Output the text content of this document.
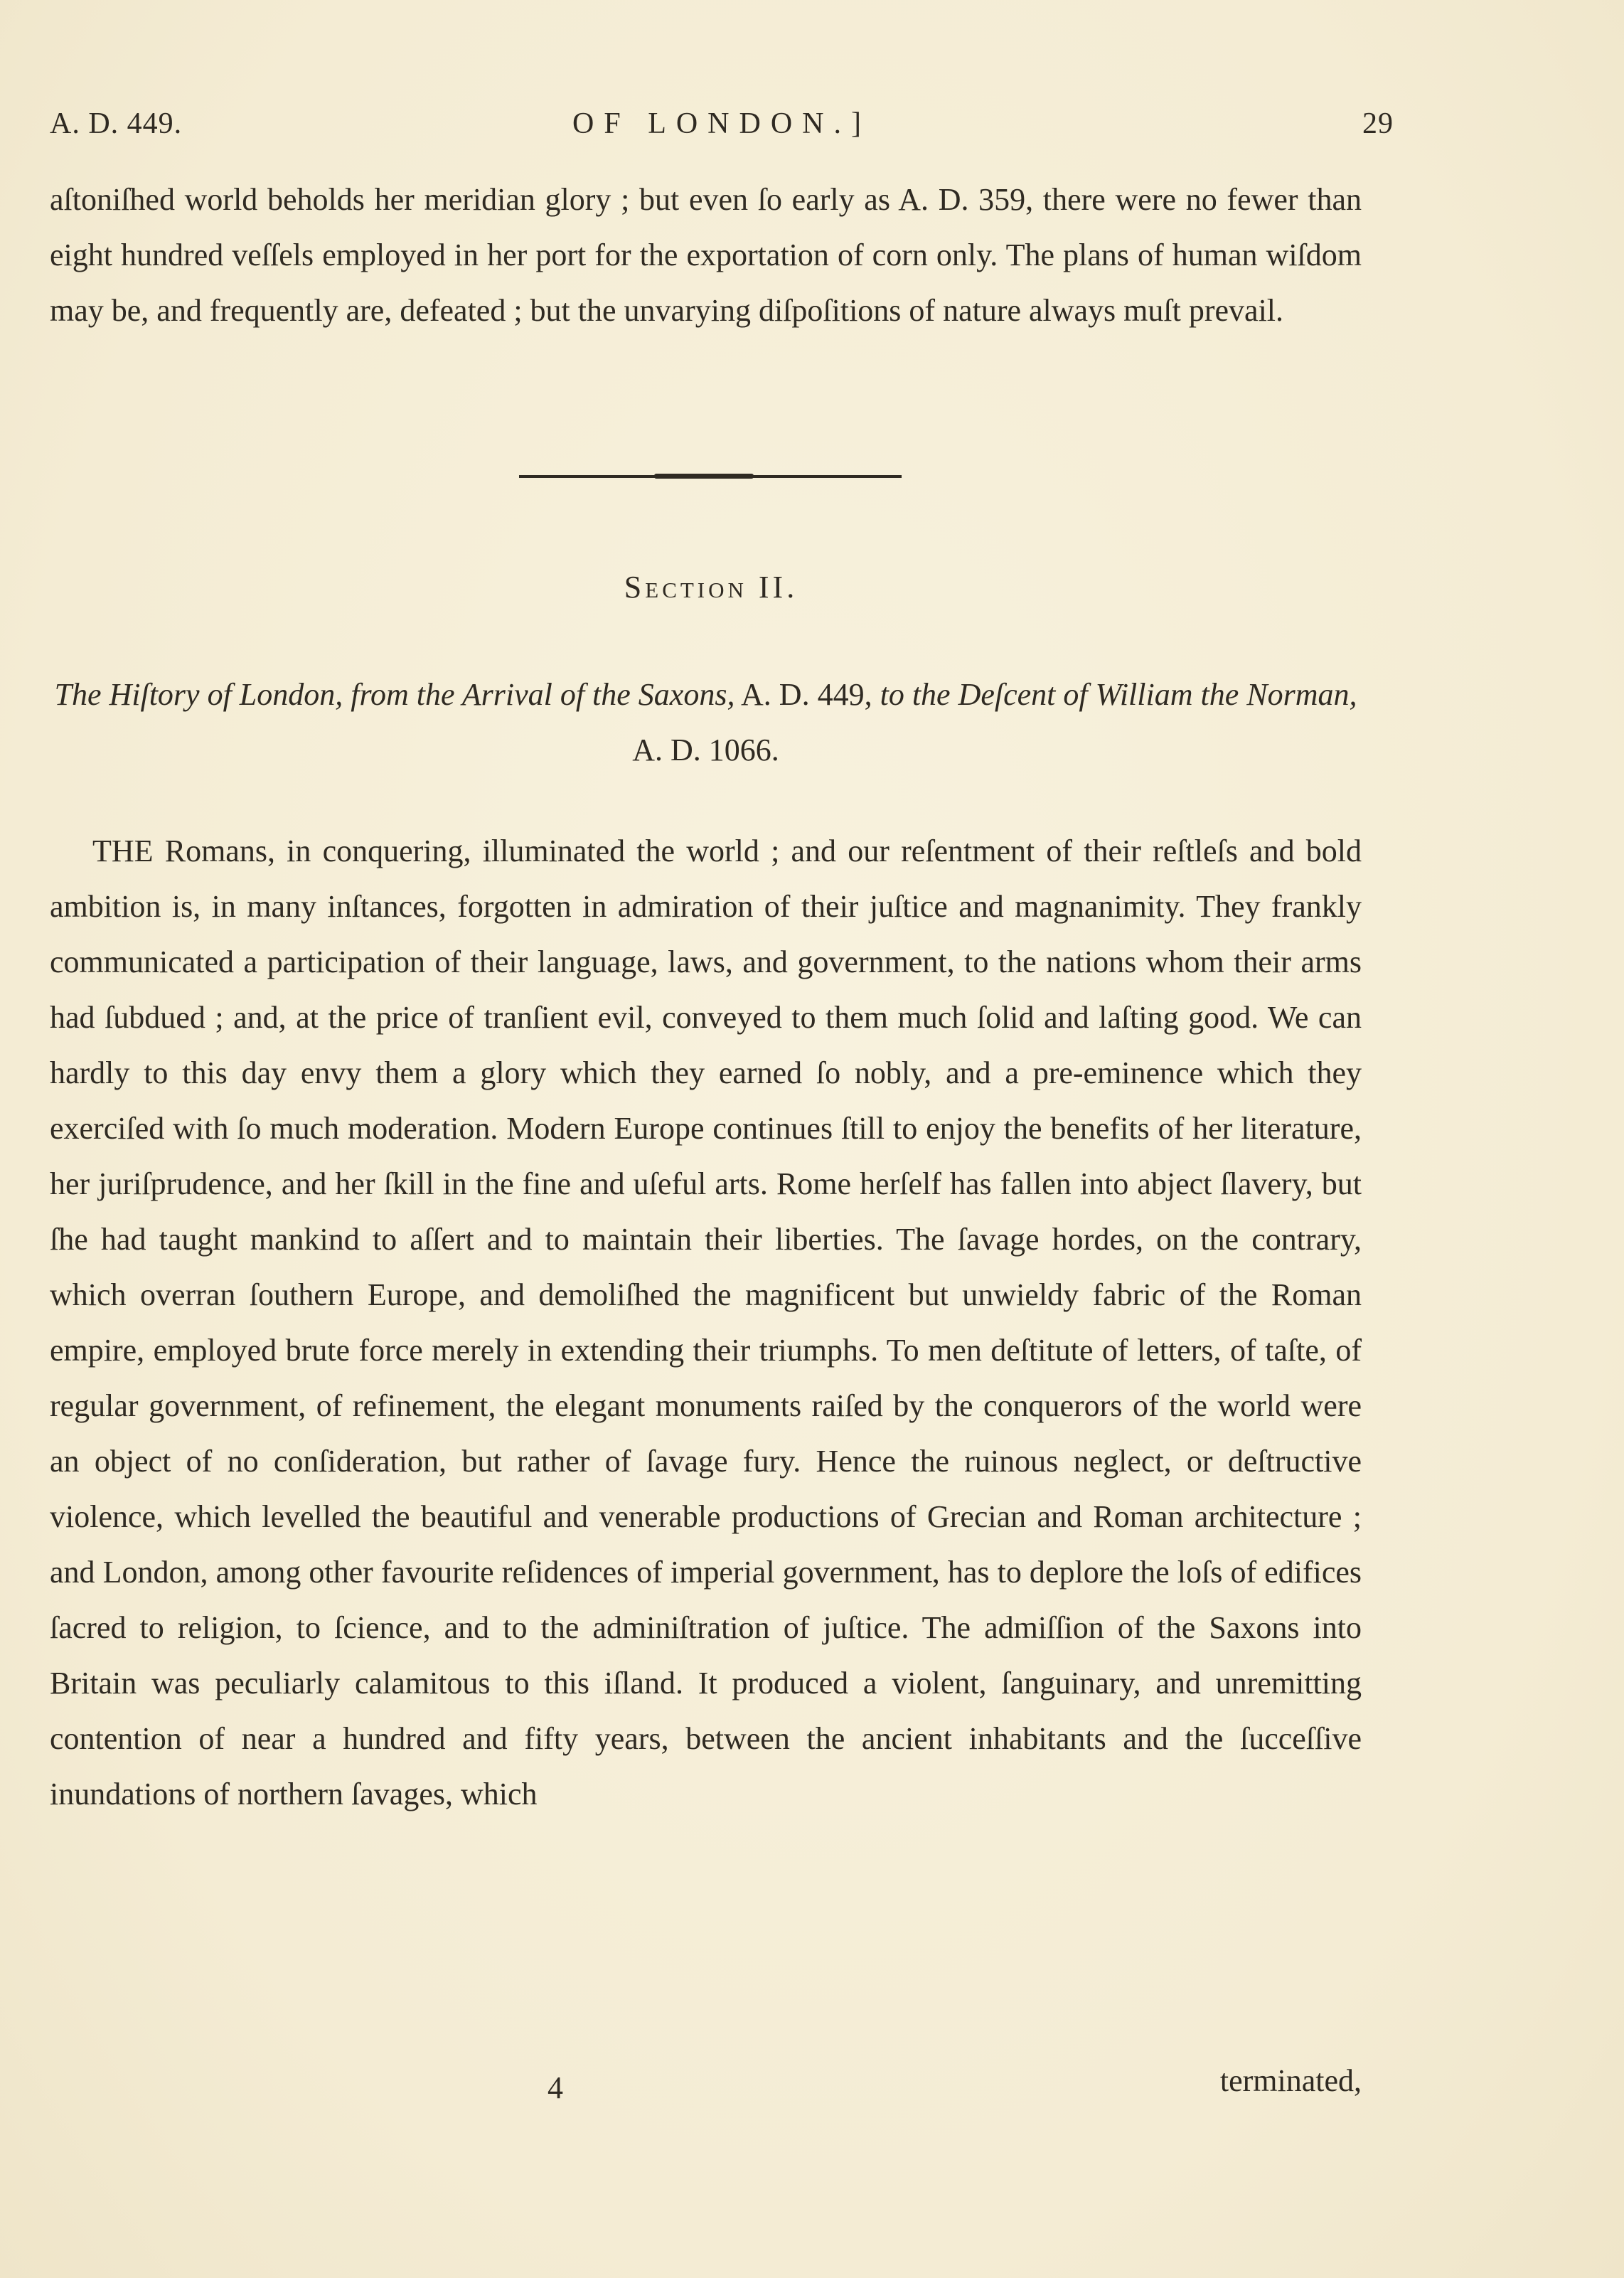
A. D. 449.	OF LONDON.]	29

aſtoniſhed world beholds her meridian glory ; but even ſo early as A. D. 359, there were no fewer than eight hundred veſſels employed in her port for the exportation of corn only. The plans of human wiſdom may be, and frequently are, defeated ; but the unvarying diſpoſitions of nature always muſt prevail.

Section II.
The Hiſtory of London, from the Arrival of the Saxons, A. D. 449, to the Deſcent of William the Norman, A. D. 1066.

THE Romans, in conquering, illuminated the world ; and our reſentment of their reſtleſs and bold ambition is, in many inſtances, forgotten in admiration of their juſtice and magnanimity. They frankly communicated a participation of their language, laws, and government, to the nations whom their arms had ſubdued ; and, at the price of tranſient evil, conveyed to them much ſolid and laſting good. We can hardly to this day envy them a glory which they earned ſo nobly, and a pre-eminence which they exerciſed with ſo much moderation. Modern Europe continues ſtill to enjoy the benefits of her literature, her juriſprudence, and her ſkill in the fine and uſeful arts. Rome herſelf has fallen into abject ſlavery, but ſhe had taught mankind to aſſert and to maintain their liberties. The ſavage hordes, on the contrary, which overran ſouthern Europe, and demoliſhed the magnificent but unwieldy fabric of the Roman empire, employed brute force merely in extending their triumphs. To men deſtitute of letters, of taſte, of regular government, of refinement, the elegant monuments raiſed by the conquerors of the world were an object of no conſideration, but rather of ſavage fury. Hence the ruinous neglect, or deſtructive violence, which levelled the beautiful and venerable productions of Grecian and Roman architecture ; and London, among other favourite reſidences of imperial government, has to deplore the loſs of edifices ſacred to religion, to ſcience, and to the adminiſtration of juſtice. The admiſſion of the Saxons into Britain was peculiarly calamitous to this iſland. It produced a violent, ſanguinary, and unremitting contention of near a hundred and fifty years, between the ancient inhabitants and the ſucceſſive inundations of northern ſavages, which

4	terminated,
